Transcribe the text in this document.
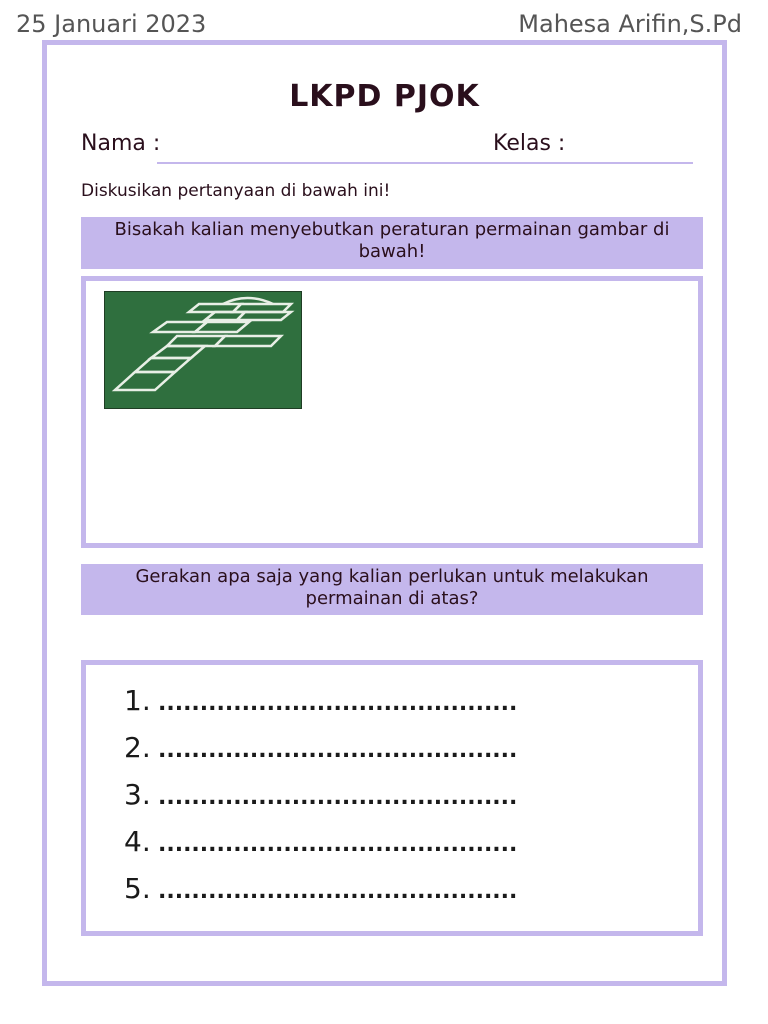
25 Januari 2023	Mahesa Arifin,S.Pd
LKPD PJOK
Nama :	Kelas :
Diskusikan pertanyaan di bawah ini!
Bisakah kalian menyebutkan peraturan permainan gambar di bawah!
Gerakan apa saja yang kalian perlukan untuk melakukan permainan di atas?
1. ...........................................
2. ...........................................
3. ...........................................
4. ...........................................
5. ...........................................
